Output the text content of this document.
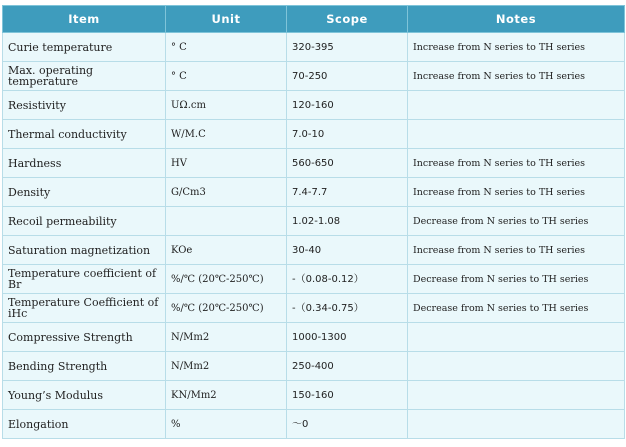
Item	Unit	Scope	Notes
Curie temperature	° C	320-395	Increase from N series to TH series
Max. operating temperature	° C	70-250	Increase from N series to TH series
Resistivity	UΩ.cm	120-160	
Thermal conductivity	W/M.C	7.0-10	
Hardness	HV	560-650	Increase from N series to TH series
Density	G/Cm3	7.4-7.7	Increase from N series to TH series
Recoil permeability		1.02-1.08	Decrease from N series to TH series
Saturation magnetization	KOe	30-40	Increase from N series to TH series
Temperature coefficient of Br	%/℃ (20℃-250℃)	-（0.08-0.12）	Decrease from N series to TH series
Temperature Coefficient of iHc	%/℃ (20℃-250℃)	-（0.34-0.75）	Decrease from N series to TH series
Compressive Strength	N/Mm2	1000-1300	
Bending Strength	N/Mm2	250-400	
Young’s Modulus	KN/Mm2	150-160	
Elongation	%	～0	
